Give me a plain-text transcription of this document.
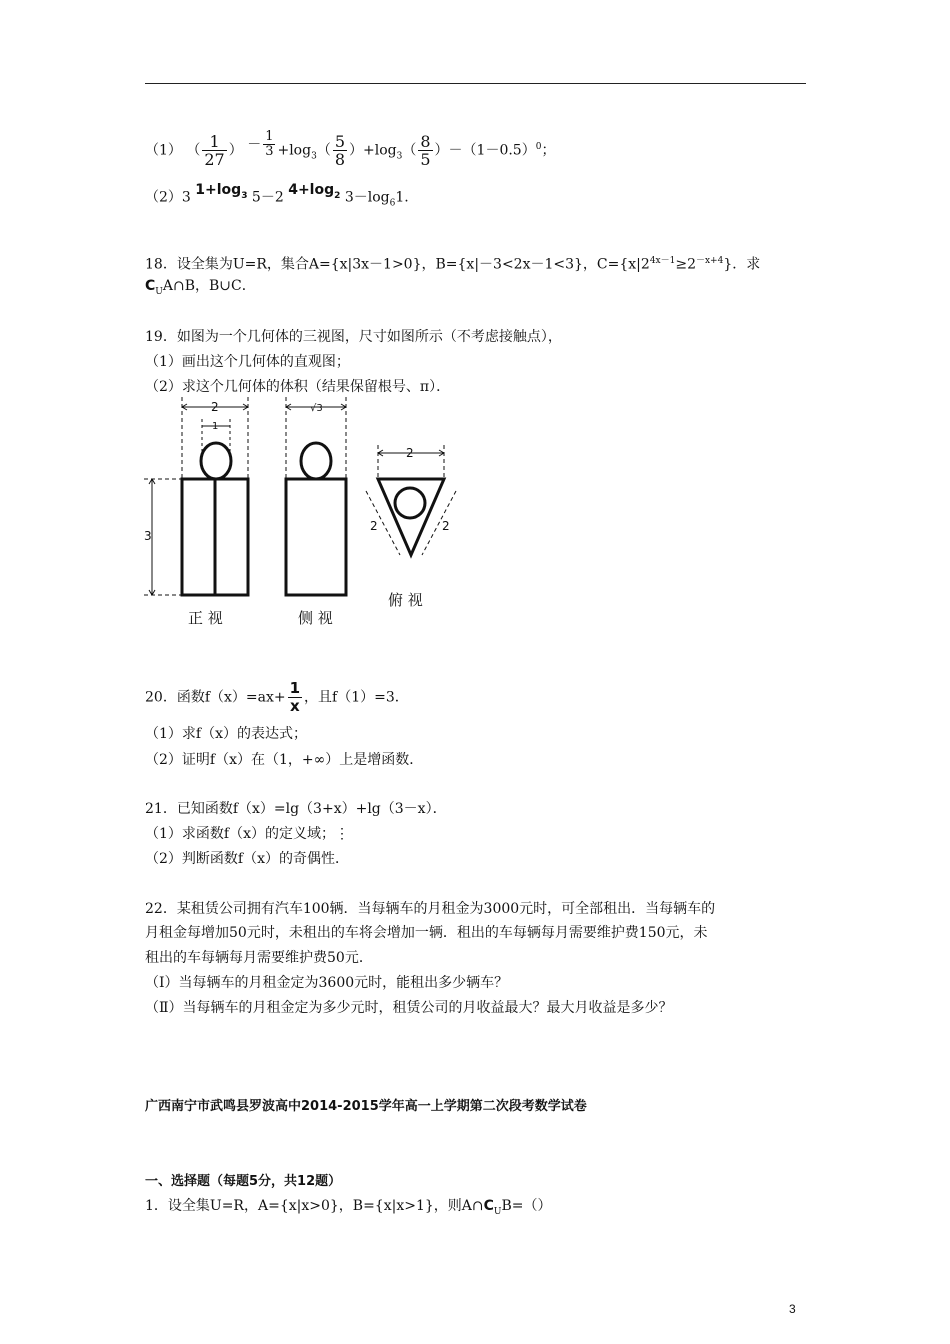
（1） （ $\frac{1}{27}$ ） － $\frac{1}{3} +\log_3( \frac{5}{8} )+\log_3( \frac{8}{5} )-(1-0.5)^0$；
（2）3 $^{1+log_3}$ 5－2 $^{4+log_2}$ $3-\log_61$.
18．设全集为U=R，集合A={x|3x－1>0}，B={x|－3<2x－1<3}，$C=\{x|2^{4x-1}\ge 2^{-x+4}\}$．求
$C_UA\cap B$，B∪C．
19．如图为一个几何体的三视图，尺寸如图所示（不考虑接触点），
（1）画出这个几何体的直观图；
（2）求这个几何体的体积（结果保留根号、π）．
2
1
3
正 视
√3
侧 视
2
2	2
俯 视
20．函数$f(x)=ax+ \frac{1}{x}$ ，且f（1）=3．
（1）求f（x）的表达式；
（2）证明f（x）在（1，+∞）上是增函数．
21．已知函数f（x）=lg（3+x）+lg（3－x）．
（1）求函数f（x）的定义域；⋮
（2）判断函数f（x）的奇偶性．
22．某租赁公司拥有汽车100辆．当每辆车的月租金为3000元时，可全部租出．当每辆车的
月租金每增加50元时，未租出的车将会增加一辆．租出的车每辆每月需要维护费150元，未
租出的车每辆每月需要维护费50元．
（Ⅰ）当每辆车的月租金定为3600元时，能租出多少辆车？
（Ⅱ）当每辆车的月租金定为多少元时，租赁公司的月收益最大？最大月收益是多少？
广西南宁市武鸣县罗波高中2014-2015学年高一上学期第二次段考数学试卷
一、选择题（每题5分，共12题）
1．设全集U=R，A={x|x>0}，B={x|x>1}，则$A\cap C_UB=()$
3
